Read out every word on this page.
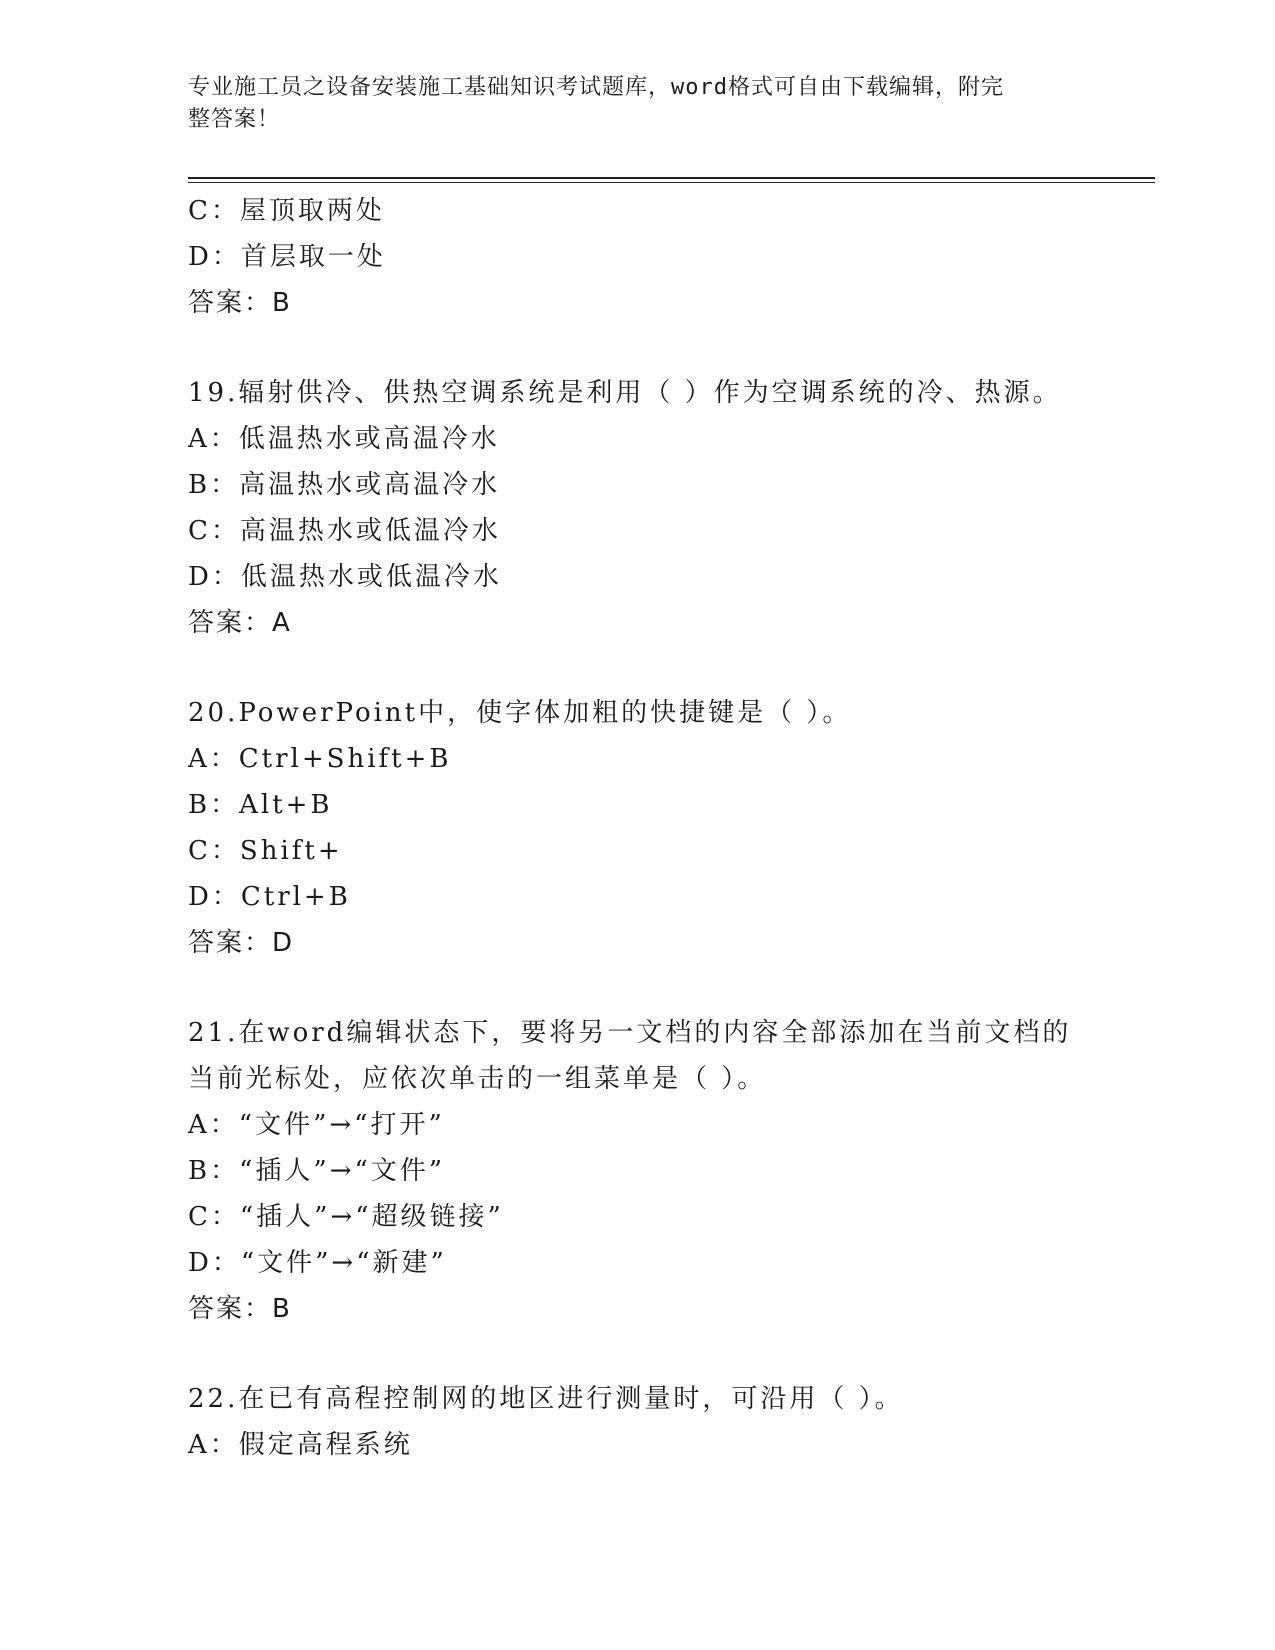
专业施工员之设备安装施工基础知识考试题库，word格式可自由下载编辑，附完
整答案！
C：屋顶取两处
D：首层取一处
答案：B
19.辐射供冷、供热空调系统是利用（ ）作为空调系统的冷、热源。
A：低温热水或高温冷水
B：高温热水或高温冷水
C：高温热水或低温冷水
D：低温热水或低温冷水
答案：A
20.PowerPoint中，使字体加粗的快捷键是（ ）。
A：Ctrl+Shift+B
B：Alt+B
C：Shift+
D：Ctrl+B
答案：D
21.在word编辑状态下，要将另一文档的内容全部添加在当前文档的
当前光标处，应依次单击的一组菜单是（ ）。
A：“文件”→“打开”
B：“插人”→“文件”
C：“插人”→“超级链接”
D：“文件”→“新建”
答案：B
22.在已有高程控制网的地区进行测量时，可沿用（ ）。
A：假定高程系统
